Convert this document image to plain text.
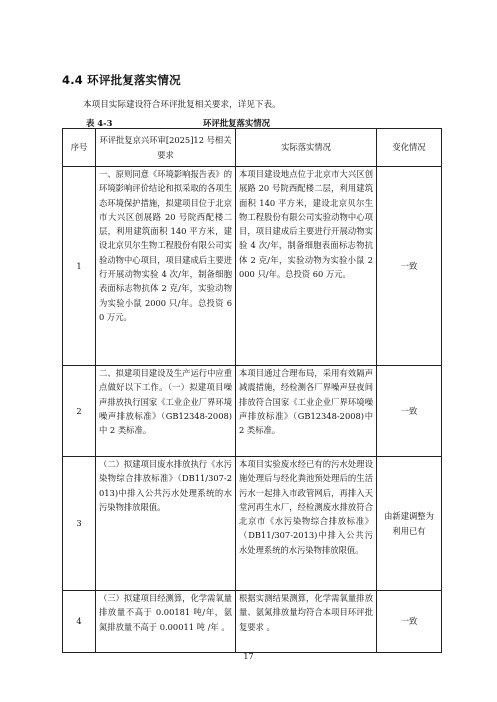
4.4 环评批复落实情况
本项目实际建设符合环评批复相关要求，详见下表。
表 4-3	环评批复落实情况
序号	环评批复京兴环审[2025]12 号相关要求	实际落实情况	变化情况
1	一、原则同意《环境影响报告表》的环境影响评价结论和拟采取的各项生态环境保护措施，拟建项目位于北京市大兴区创展路 20 号院西配楼二层，利用建筑面积 140 平方米，建设北京贝尔生物工程股份有限公司实验动物中心项目，项目建成后主要进行开展动物实验 4 次/年，制备细胞表面标志物抗体 2 克/年，实验动物为实验小鼠 2000 只/年。总投资 60 万元。	本项目建设地点位于北京市大兴区创展路 20 号院西配楼二层，利用建筑面积 140 平方米，建设北京贝尔生物工程股份有限公司实验动物中心项目，项目建成后主要进行开展动物实验 4 次/年，制备细胞表面标志物抗体 2 克/年，实验动物为实验小鼠 2000 只/年。总投资 60 万元。	一致
2	二、拟建项目建设及生产运行中应重点做好以下工作。（一）拟建项目噪声排放执行国家《工业企业厂界环境噪声排放标准》（GB12348-2008)中 2 类标准。	本项目通过合理布局，采用有效隔声减震措施，经检测各厂界噪声昼夜间排放符合国家《工业企业厂界环境噪声排放标准》（GB12348-2008)中 2 类标准。	一致
3	（二）拟建项目废水排放执行《水污染物综合排放标准》（DB11/307-2013)中排入公共污水处理系统的水污染物排放限值。	本项目实验废水经已有的污水处理设施处理后与经化粪池预处理后的生活污水一起排入市政管网后，再排入天堂河再生水厂，经检测废水排放符合北京市《水污染物综合排放标准》（DB11/307-2013)中排入公共污水处理系统的水污染物排放限值。	由新建调整为利用已有
4	（三）拟建项目经测算，化学需氧量排放量不高于 0.00181 吨/年，氨氮排放量不高于 0.00011 吨 /年 。	根据实测结果测算，化学需氧量排放量、氨氮排放量均符合本项目环评批复要求 。	一致
17
